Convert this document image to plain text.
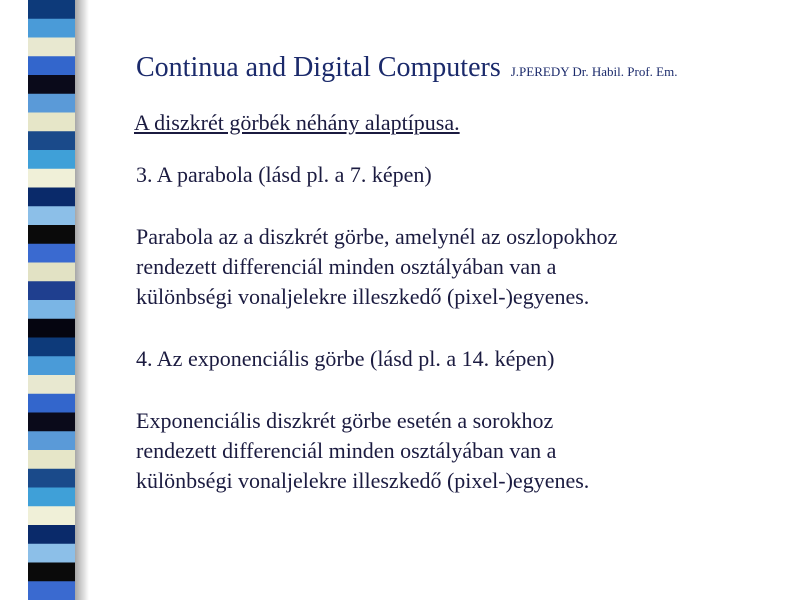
Continua and Digital Computers J.PEREDY Dr. Habil. Prof. Em.
A diszkrét görbék néhány alaptípusa.

3. A parabola (lásd pl. a 7. képen)

Parabola az a diszkrét görbe, amelynél az oszlopokhoz

rendezett differenciál minden osztályában van a

különbségi vonaljelekre illeszkedő (pixel-)egyenes.

4. Az exponenciális görbe (lásd pl. a 14. képen)

Exponenciális diszkrét görbe esetén a sorokhoz

rendezett differenciál minden osztályában van a

különbségi vonaljelekre illeszkedő (pixel-)egyenes.
